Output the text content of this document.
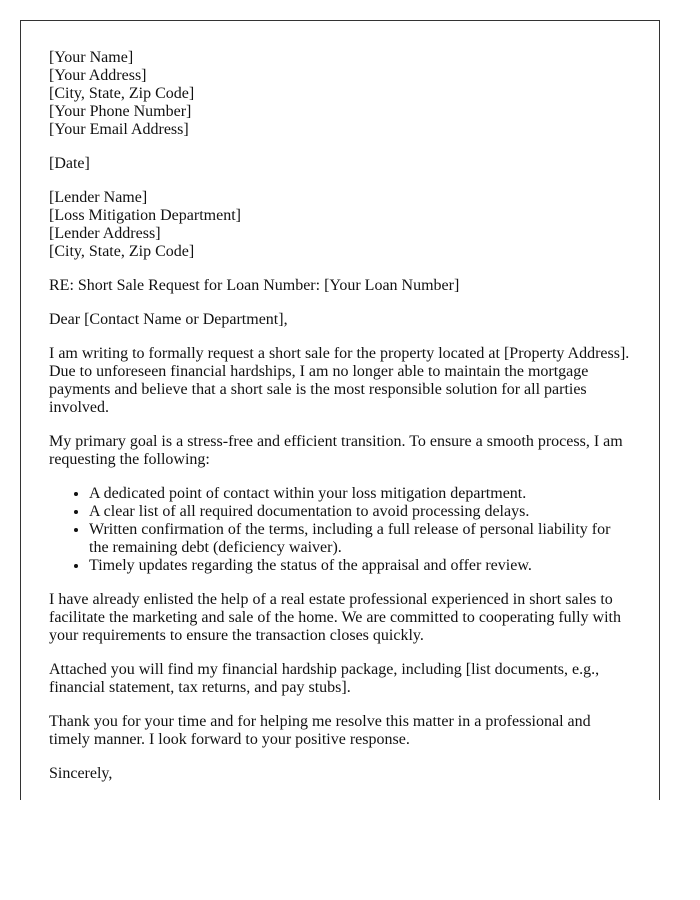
[Your Name]
[Your Address]
[City, State, Zip Code]
[Your Phone Number]
[Your Email Address]

[Date]

[Lender Name]
[Loss Mitigation Department]
[Lender Address]
[City, State, Zip Code]

RE: Short Sale Request for Loan Number: [Your Loan Number]

Dear [Contact Name or Department],

I am writing to formally request a short sale for the property located at [Property Address]. Due to unforeseen financial hardships, I am no longer able to maintain the mortgage payments and believe that a short sale is the most responsible solution for all parties involved.

My primary goal is a stress-free and efficient transition. To ensure a smooth process, I am requesting the following:

• A dedicated point of contact within your loss mitigation department.
• A clear list of all required documentation to avoid processing delays.
• Written confirmation of the terms, including a full release of personal liability for the remaining debt (deficiency waiver).
• Timely updates regarding the status of the appraisal and offer review.

I have already enlisted the help of a real estate professional experienced in short sales to facilitate the marketing and sale of the home. We are committed to cooperating fully with your requirements to ensure the transaction closes quickly.

Attached you will find my financial hardship package, including [list documents, e.g., financial statement, tax returns, and pay stubs].

Thank you for your time and for helping me resolve this matter in a professional and timely manner. I look forward to your positive response.

Sincerely,
